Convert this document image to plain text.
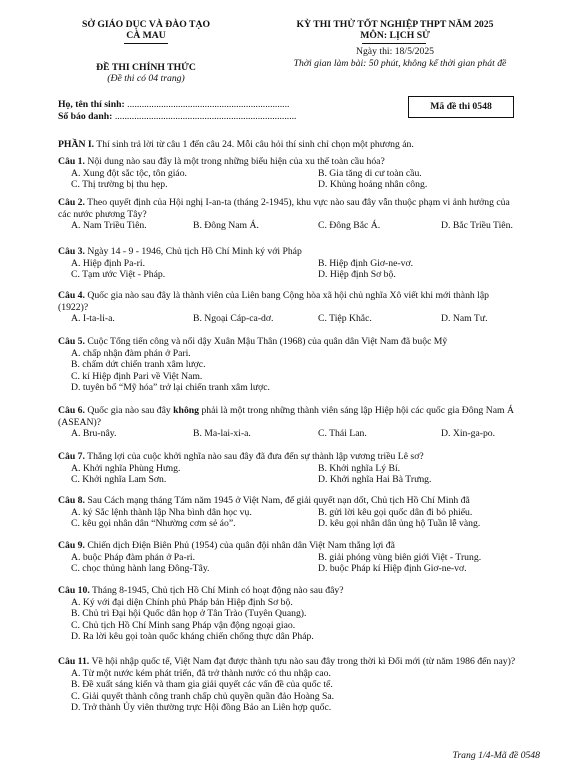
SỞ GIÁO DỤC VÀ ĐÀO TẠO
CÀ MAU
ĐỀ THI CHÍNH THỨC
(Đề thi có 04 trang)
KỲ THI THỬ TỐT NGHIỆP THPT NĂM 2025
MÔN: LỊCH SỬ
Ngày thi: 18/5/2025
Thời gian làm bài: 50 phút, không kể thời gian phát đề
Họ, tên thí sinh: ...................................................................
Số báo danh: ...........................................................................
Mã đề thi 0548
PHẦN I. Thí sinh trả lời từ câu 1 đến câu 24. Mỗi câu hỏi thí sinh chỉ chọn một phương án.
Câu 1. Nội dung nào sau đây là một trong những biểu hiện của xu thế toàn cầu hóa?
A. Xung đột sắc tộc, tôn giáo.	B. Gia tăng di cư toàn cầu.
C. Thị trường bị thu hẹp.	D. Khủng hoảng nhân công.
Câu 2. Theo quyết định của Hội nghị I-an-ta (tháng 2-1945), khu vực nào sau đây vẫn thuộc phạm vi ảnh hưởng của các nước phương Tây?
A. Nam Triều Tiên.	B. Đông Nam Á.	C. Đông Bắc Á.	D. Bắc Triều Tiên.
Câu 3. Ngày 14 - 9 - 1946, Chủ tịch Hồ Chí Minh ký với Pháp
A. Hiệp định Pa-ri.	B. Hiệp định Giơ-ne-vơ.
C. Tạm ước Việt - Pháp.	D. Hiệp định Sơ bộ.
Câu 4. Quốc gia nào sau đây là thành viên của Liên bang Cộng hòa xã hội chủ nghĩa Xô viết khi mới thành lập (1922)?
A. I-ta-li-a.	B. Ngoại Cáp-ca-dơ.	C. Tiệp Khắc.	D. Nam Tư.
Câu 5. Cuộc Tổng tiến công và nổi dậy Xuân Mậu Thân (1968) của quân dân Việt Nam đã buộc Mỹ
A. chấp nhận đàm phán ở Pari.
B. chấm dứt chiến tranh xâm lược.
C. kí Hiệp định Pari về Việt Nam.
D. tuyên bố “Mỹ hóa” trở lại chiến tranh xâm lược.
Câu 6. Quốc gia nào sau đây không phải là một trong những thành viên sáng lập Hiệp hội các quốc gia Đông Nam Á (ASEAN)?
A. Bru-nây.	B. Ma-lai-xi-a.	C. Thái Lan.	D. Xin-ga-po.
Câu 7. Thắng lợi của cuộc khởi nghĩa nào sau đây đã đưa đến sự thành lập vương triều Lê sơ?
A. Khởi nghĩa Phùng Hưng.	B. Khởi nghĩa Lý Bí.
C. Khởi nghĩa Lam Sơn.	D. Khởi nghĩa Hai Bà Trưng.
Câu 8. Sau Cách mạng tháng Tám năm 1945 ở Việt Nam, để giải quyết nạn dốt, Chủ tịch Hồ Chí Minh đã
A. ký Sắc lệnh thành lập Nha bình dân học vụ.	B. gửi lời kêu gọi quốc dân đi bỏ phiếu.
C. kêu gọi nhân dân “Nhường cơm sẻ áo”.	D. kêu gọi nhân dân ủng hộ Tuần lễ vàng.
Câu 9. Chiến dịch Điện Biên Phủ (1954) của quân đội nhân dân Việt Nam thắng lợi đã
A. buộc Pháp đàm phán ở Pa-ri.	B. giải phóng vùng biên giới Việt - Trung.
C. chọc thủng hành lang Đông-Tây.	D. buộc Pháp kí Hiệp định Giơ-ne-vơ.
Câu 10. Tháng 8-1945, Chủ tịch Hồ Chí Minh có hoạt động nào sau đây?
A. Ký với đại diện Chính phủ Pháp bản Hiệp định Sơ bộ.
B. Chủ trì Đại hội Quốc dân họp ở Tân Trào (Tuyên Quang).
C. Chủ tịch Hồ Chí Minh sang Pháp vận động ngoại giao.
D. Ra lời kêu gọi toàn quốc kháng chiến chống thực dân Pháp.
Câu 11. Về hội nhập quốc tế, Việt Nam đạt được thành tựu nào sau đây trong thời kì Đổi mới (từ năm 1986 đến nay)?
A. Từ một nước kém phát triển, đã trở thành nước có thu nhập cao.
B. Đề xuất sáng kiến và tham gia giải quyết các vấn đề của quốc tế.
C. Giải quyết thành công tranh chấp chủ quyền quần đảo Hoàng Sa.
D. Trở thành Ủy viên thường trực Hội đồng Bảo an Liên hợp quốc.
Trang 1/4-Mã đề 0548
